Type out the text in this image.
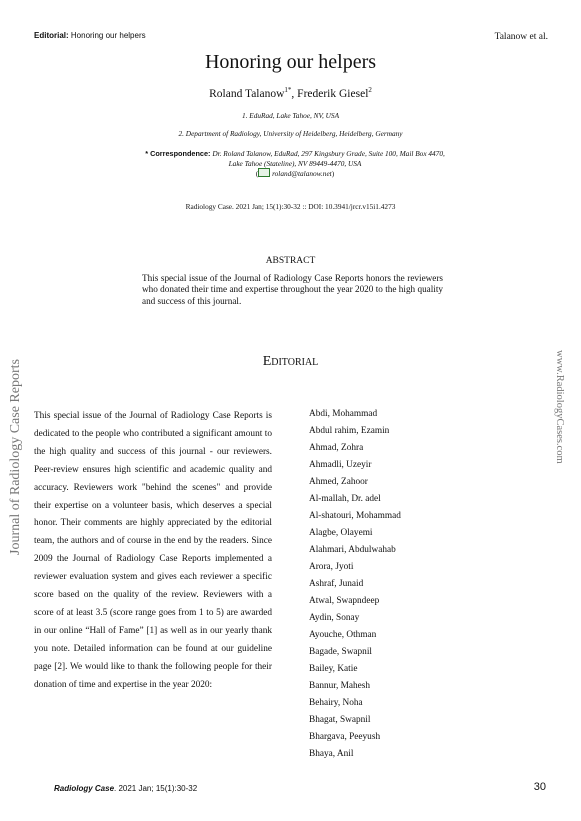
Editorial: Honoring our helpers	Talanow et al.
Honoring our helpers
Roland Talanow$^{1*}$, Frederik Giesel$^2$
1. EduRad, Lake Tahoe, NV, USA
2. Department of Radiology, University of Heidelberg, Heidelberg, Germany
* Correspondence: Dr. Roland Talanow, EduRad, 297 Kingsbury Grade, Suite 100, Mail Box 4470,
Lake Tahoe (Stateline), NV 89449-4470, USA
( roland@talanow.net)
Radiology Case. 2021 Jan; 15(1):30-32 :: DOI: 10.3941/jrcr.v15i1.4273
ABSTRACT
This special issue of the Journal of Radiology Case Reports honors the reviewers who donated their time and expertise throughout the year 2020 to the high quality and success of this journal.
Editorial
Journal of Radiology Case Reports	www.RadiologyCases.com
This special issue of the Journal of Radiology Case Reports is dedicated to the people who contributed a significant amount to the high quality and success of this journal - our reviewers. Peer-review ensures high scientific and academic quality and accuracy. Reviewers work "behind the scenes" and provide their expertise on a volunteer basis, which deserves a special honor. Their comments are highly appreciated by the editorial team, the authors and of course in the end by the readers. Since 2009 the Journal of Radiology Case Reports implemented a reviewer evaluation system and gives each reviewer a specific score based on the quality of the review. Reviewers with a score of at least 3.5 (score range goes from 1 to 5) are awarded in our online “Hall of Fame” [1] as well as in our yearly thank you note. Detailed information can be found at our guideline page [2]. We would like to thank the following people for their donation of time and expertise in the year 2020:
Abdi, Mohammad
Abdul rahim, Ezamin
Ahmad, Zohra
Ahmadli, Uzeyir
Ahmed, Zahoor
Al-mallah, Dr. adel
Al-shatouri, Mohammad
Alagbe, Olayemi
Alahmari, Abdulwahab
Arora, Jyoti
Ashraf, Junaid
Atwal, Swapndeep
Aydin, Sonay
Ayouche, Othman
Bagade, Swapnil
Bailey, Katie
Bannur, Mahesh
Behairy, Noha
Bhagat, Swapnil
Bhargava, Peeyush
Bhaya, Anil
Radiology Case. 2021 Jan; 15(1):30-32	30
